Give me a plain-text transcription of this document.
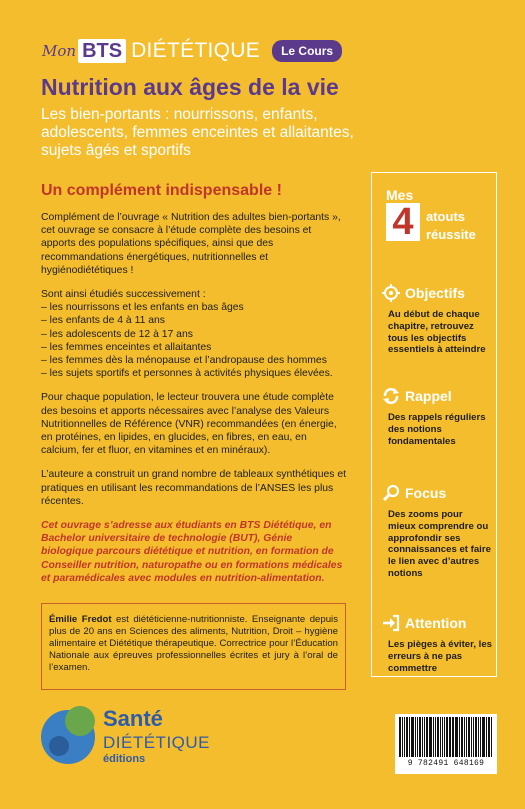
Mon BTS DIÉTÉTIQUE	Le Cours
Nutrition aux âges de la vie
Les bien-portants : nourrissons, enfants, adolescents, femmes enceintes et allaitantes, sujets âgés et sportifs
Un complément indispensable !

Complément de l’ouvrage « Nutrition des adultes bien-portants », cet ouvrage se consacre à l’étude complète des besoins et apports des populations spécifiques, ainsi que des recommandations énergétiques, nutritionnelles et hygiénodiététiques !

Sont ainsi étudiés successivement :
– les nourrissons et les enfants en bas âges
– les enfants de 4 à 11 ans
– les adolescents de 12 à 17 ans
– les femmes enceintes et allaitantes
– les femmes dès la ménopause et l’andropause des hommes
– les sujets sportifs et personnes à activités physiques élevées.

Pour chaque population, le lecteur trouvera une étude complète des besoins et apports nécessaires avec l’analyse des Valeurs Nutritionnelles de Référence (VNR) recommandées (en énergie, en protéines, en lipides, en glucides, en fibres, en eau, en calcium, fer et fluor, en vitamines et en minéraux).

L’auteure a construit un grand nombre de tableaux synthétiques et pratiques en utilisant les recommandations de l’ANSES les plus récentes.

Cet ouvrage s’adresse aux étudiants en BTS Diététique, en Bachelor universitaire de technologie (BUT), Génie biologique parcours diététique et nutrition, en formation de Conseiller nutrition, naturopathe ou en formations médicales et paramédicales avec modules en nutrition-alimentation.

Émilie Fredot est diététicienne-nutritionniste. Enseignante depuis plus de 20 ans en Sciences des aliments, Nutrition, Droit – hygiène alimentaire et Diététique thérapeutique. Correctrice pour l’Éducation Nationale aux épreuves professionnelles écrites et jury à l’oral de l’examen.
Santé
DIÉTÉTIQUE
éditions
Mes
4 atouts
réussite
Objectifs
Au début de chaque chapitre, retrouvez tous les objectifs essentiels à atteindre
Rappel
Des rappels réguliers des notions fondamentales
Focus
Des zooms pour mieux comprendre ou approfondir ses connaissances et faire le lien avec d’autres notions
Attention
Les pièges à éviter, les erreurs à ne pas commettre
9 782491 648169
